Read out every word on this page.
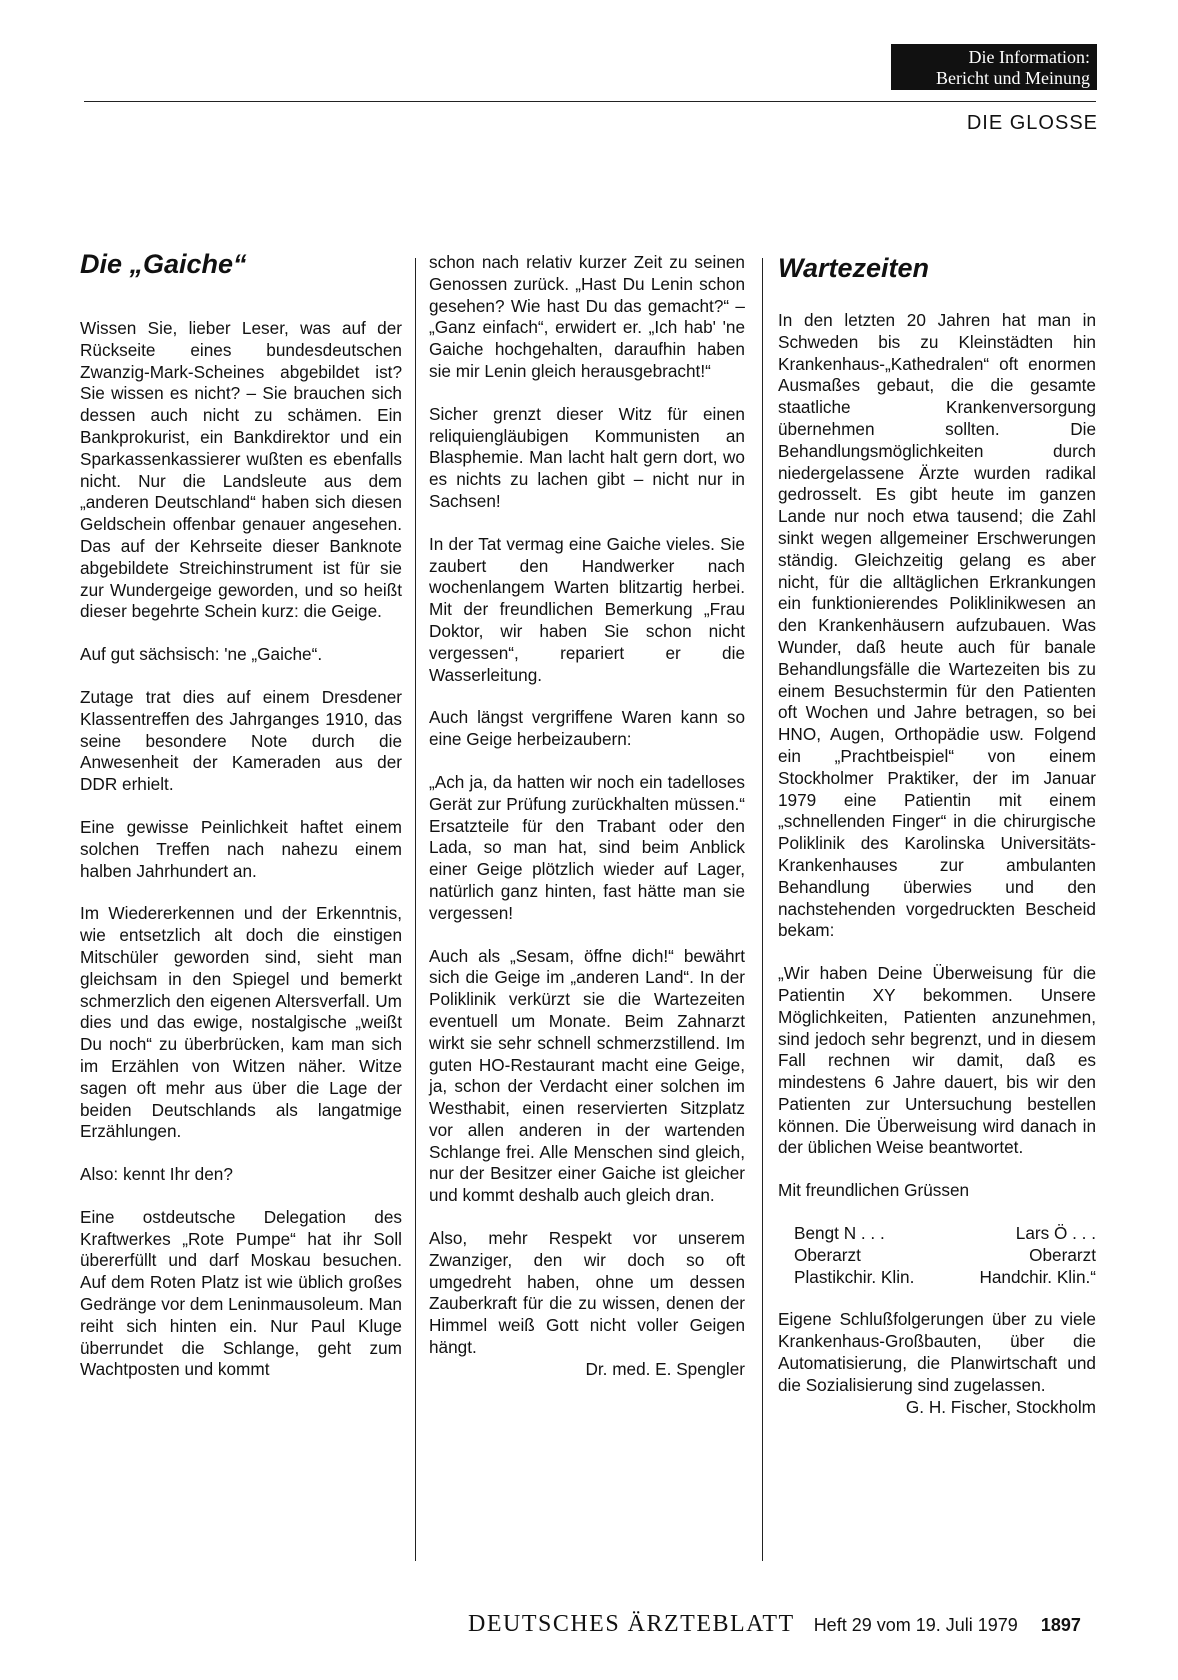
Die Information:
Bericht und Meinung
DIE GLOSSE
Die „Gaiche“

Wissen Sie, lieber Leser, was auf der Rückseite eines bundesdeutschen Zwanzig-Mark-Scheines abgebildet ist? Sie wissen es nicht? – Sie brauchen sich dessen auch nicht zu schämen. Ein Bankprokurist, ein Bankdirektor und ein Sparkassenkassierer wußten es ebenfalls nicht. Nur die Landsleute aus dem „anderen Deutschland“ haben sich diesen Geldschein offenbar genauer angesehen. Das auf der Kehrseite dieser Banknote abgebildete Streichinstrument ist für sie zur Wundergeige geworden, und so heißt dieser begehrte Schein kurz: die Geige.

Auf gut sächsisch: 'ne „Gaiche“.

Zutage trat dies auf einem Dresdener Klassentreffen des Jahrganges 1910, das seine besondere Note durch die Anwesenheit der Kameraden aus der DDR erhielt.

Eine gewisse Peinlichkeit haftet einem solchen Treffen nach nahezu einem halben Jahrhundert an.

Im Wiedererkennen und der Erkenntnis, wie entsetzlich alt doch die einstigen Mitschüler geworden sind, sieht man gleichsam in den Spiegel und bemerkt schmerzlich den eigenen Altersverfall. Um dies und das ewige, nostalgische „weißt Du noch“ zu überbrücken, kam man sich im Erzählen von Witzen näher. Witze sagen oft mehr aus über die Lage der beiden Deutschlands als langatmige Erzählungen.

Also: kennt Ihr den?

Eine ostdeutsche Delegation des Kraftwerkes „Rote Pumpe“ hat ihr Soll übererfüllt und darf Moskau besuchen. Auf dem Roten Platz ist wie üblich großes Gedränge vor dem Leninmausoleum. Man reiht sich hinten ein. Nur Paul Kluge überrundet die Schlange, geht zum Wachtposten und kommt

schon nach relativ kurzer Zeit zu seinen Genossen zurück. „Hast Du Lenin schon gesehen? Wie hast Du das gemacht?“ – „Ganz einfach“, erwidert er. „Ich hab' 'ne Gaiche hochgehalten, daraufhin haben sie mir Lenin gleich herausgebracht!“

Sicher grenzt dieser Witz für einen reliquiengläubigen Kommunisten an Blasphemie. Man lacht halt gern dort, wo es nichts zu lachen gibt – nicht nur in Sachsen!

In der Tat vermag eine Gaiche vieles. Sie zaubert den Handwerker nach wochenlangem Warten blitzartig herbei. Mit der freundlichen Bemerkung „Frau Doktor, wir haben Sie schon nicht vergessen“, repariert er die Wasserleitung.

Auch längst vergriffene Waren kann so eine Geige herbeizaubern:

„Ach ja, da hatten wir noch ein tadelloses Gerät zur Prüfung zurückhalten müssen.“ Ersatzteile für den Trabant oder den Lada, so man hat, sind beim Anblick einer Geige plötzlich wieder auf Lager, natürlich ganz hinten, fast hätte man sie vergessen!

Auch als „Sesam, öffne dich!“ bewährt sich die Geige im „anderen Land“. In der Poliklinik verkürzt sie die Wartezeiten eventuell um Monate. Beim Zahnarzt wirkt sie sehr schnell schmerzstillend. Im guten HO-Restaurant macht eine Geige, ja, schon der Verdacht einer solchen im Westhabit, einen reservierten Sitzplatz vor allen anderen in der wartenden Schlange frei. Alle Menschen sind gleich, nur der Besitzer einer Gaiche ist gleicher und kommt deshalb auch gleich dran.

Also, mehr Respekt vor unserem Zwanziger, den wir doch so oft umgedreht haben, ohne um dessen Zauberkraft für die zu wissen, denen der Himmel weiß Gott nicht voller Geigen hängt.

Dr. med. E. Spengler
Wartezeiten

In den letzten 20 Jahren hat man in Schweden bis zu Kleinstädten hin Krankenhaus-„Kathedralen“ oft enormen Ausmaßes gebaut, die die gesamte staatliche Krankenversorgung übernehmen sollten. Die Behandlungsmöglichkeiten durch niedergelassene Ärzte wurden radikal gedrosselt. Es gibt heute im ganzen Lande nur noch etwa tausend; die Zahl sinkt wegen allgemeiner Erschwerungen ständig. Gleichzeitig gelang es aber nicht, für die alltäglichen Erkrankungen ein funktionierendes Poliklinikwesen an den Krankenhäusern aufzubauen. Was Wunder, daß heute auch für banale Behandlungsfälle die Wartezeiten bis zu einem Besuchstermin für den Patienten oft Wochen und Jahre betragen, so bei HNO, Augen, Orthopädie usw. Folgend ein „Prachtbeispiel“ von einem Stockholmer Praktiker, der im Januar 1979 eine Patientin mit einem „schnellenden Finger“ in die chirurgische Poliklinik des Karolinska Universitäts-Krankenhauses zur ambulanten Behandlung überwies und den nachstehenden vorgedruckten Bescheid bekam:

„Wir haben Deine Überweisung für die Patientin XY bekommen. Unsere Möglichkeiten, Patienten anzunehmen, sind jedoch sehr begrenzt, und in diesem Fall rechnen wir damit, daß es mindestens 6 Jahre dauert, bis wir den Patienten zur Untersuchung bestellen können. Die Überweisung wird danach in der üblichen Weise beantwortet.

Mit freundlichen Grüssen

Bengt N . . .	Lars Ö . . .
Oberarzt	Oberarzt
Plastikchir. Klin.	Handchir. Klin.“

Eigene Schlußfolgerungen über zu viele Krankenhaus-Großbauten, über die Automatisierung, die Planwirtschaft und die Sozialisierung sind zugelassen.

G. H. Fischer, Stockholm
DEUTSCHES ÄRZTEBLATT Heft 29 vom 19. Juli 1979 1897
